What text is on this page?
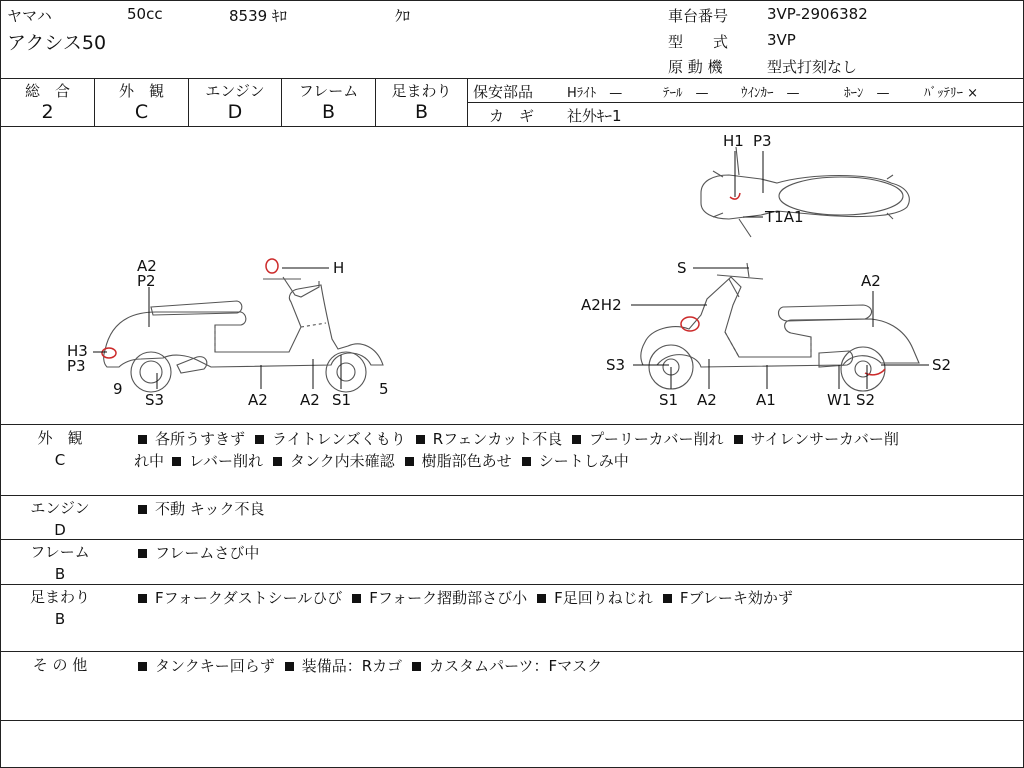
ヤマハ	50cc	8539 ｷﾛ	ｸﾛ
アクシス50
車台番号	3VP-2906382
型　　式	3VP
原 動 機	型式打刻なし
総　合
2
外　観
C
エンジン
D
フレーム
B
足まわり
B
保安部品	Hﾗｲﾄ　—	ﾃｰﾙ　— ｳｲﾝｶｰ　—	ﾎｰﾝ　—	ﾊﾞｯﾃﾘｰ ×
カ　ギ 社外ｷｰ1
A2
P2
H
H3
P3
9
S3	A2 A2 S1
5
S
A2
A2H2
S3
S1 A2	A1	W1 S2
S2
H1 P3
T1A1
外　観
C
各所うすきず ライトレンズくもり Rフェンカット不良 プーリーカバー削れ サイレンサーカバー削
れ中 レバー削れ タンク内未確認 樹脂部色あせ シートしみ中
エンジン
D
不動 キック不良
フレーム
B
フレームさび中
足まわり
B
Fフォークダストシールひび Fフォーク摺動部さび小 F足回りねじれ Fブレーキ効かず
そ の 他	タンクキー回らず 装備品：Rカゴ カスタムパーツ：Fマスク
